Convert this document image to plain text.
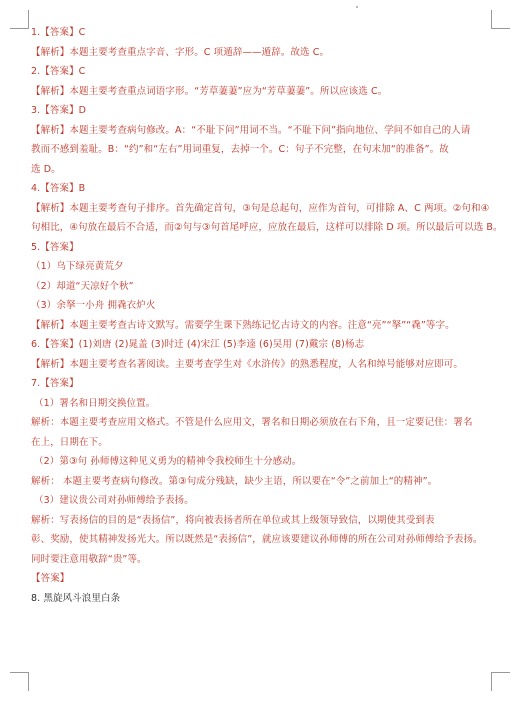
1.【答案】C
【解析】本题主要考查重点字音、字形。C 项遁辞——遁辞。故选 C。
2.【答案】C
【解析】本题主要考查重点词语字形。“芳草萋萋”应为“芳草萋萋”。所以应该选 C。
3.【答案】D
【解析】本题主要考查病句修改。A：“不耻下问”用词不当。“不耻下问”指向地位、学问不如自己的人请
教而不感到羞耻。B：“约”和“左右”用词重复，去掉一个。C：句子不完整，在句末加“的准备”。故
选 D。
4.【答案】B
【解析】本题主要考查句子排序。首先确定首句，③句是总起句，应作为首句，可排除 A、C 两项。②句和④
句相比，④句放在最后不合适，而②句与③句首尾呼应，应放在最后，这样可以排除 D 项。所以最后可以选 B。
5.【答案】
（1）乌下绿亮黄荒夕
（2）却道“天凉好个秋”
（3）余拏一小舟 拥毳衣炉火
【解析】本题主要考查古诗文默写。需要学生课下熟练记忆古诗文的内容。注意“亮”“拏”“毳”等字。
6.【答案】(1)刘唐 (2)晁盖 (3)时迁 (4)宋江 (5)李逵 (6)吴用 (7)戴宗 (8)杨志
【解析】本题主要考查名著阅读。主要考查学生对《水浒传》的熟悉程度，人名和绰号能够对应即可。
7.【答案】
（1）署名和日期交换位置。
解析：本题主要考查应用文格式。不管是什么应用文，署名和日期必须放在右下角，且一定要记住：署名
在上，日期在下。
（2）第③句 孙师傅这种见义勇为的精神令我校师生十分感动。
解析： 本题主要考查病句修改。第③句成分残缺，缺少主语，所以要在“令”之前加上“的精神”。
（3）建议贵公司对孙师傅给予表扬。
解析：写表扬信的目的是“表扬信”，将向被表扬者所在单位或其上级领导致信，以期使其受到表
彰、奖励，使其精神发扬光大。所以既然是“表扬信”，就应该要建议孙师傅的所在公司对孙师傅给予表扬。
同时要注意用敬辞“贵”等。
【答案】
8. 黑旋风斗浪里白条
